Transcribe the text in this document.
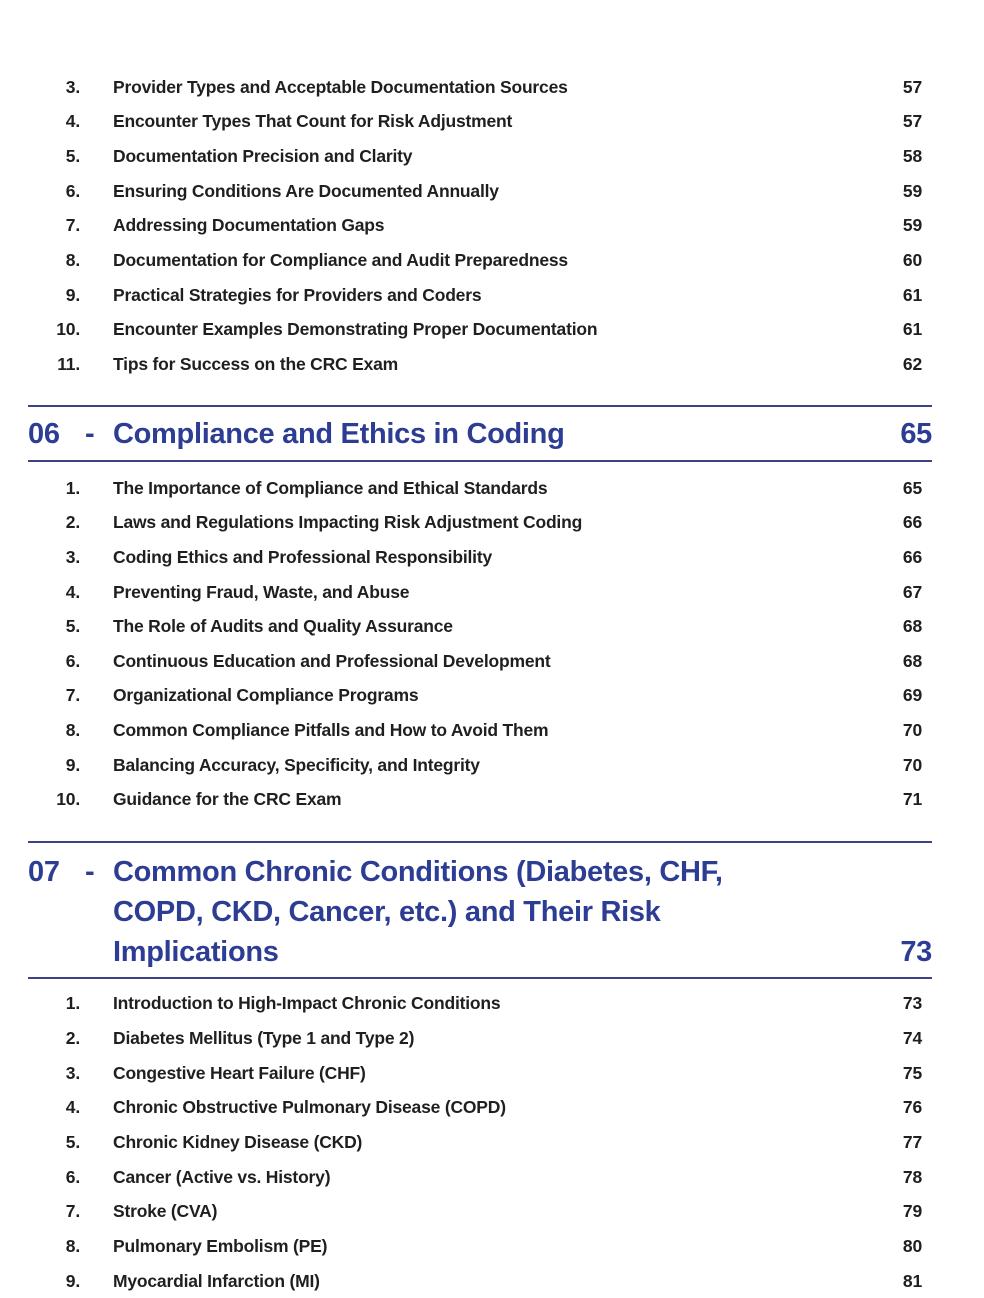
3. Provider Types and Acceptable Documentation Sources	57
4. Encounter Types That Count for Risk Adjustment	57
5. Documentation Precision and Clarity	58
6. Ensuring Conditions Are Documented Annually	59
7. Addressing Documentation Gaps	59
8. Documentation for Compliance and Audit Preparedness	60
9. Practical Strategies for Providers and Coders	61
10. Encounter Examples Demonstrating Proper Documentation	61
11. Tips for Success on the CRC Exam	62
06 - Compliance and Ethics in Coding	65
1. The Importance of Compliance and Ethical Standards	65
2. Laws and Regulations Impacting Risk Adjustment Coding	66
3. Coding Ethics and Professional Responsibility	66
4. Preventing Fraud, Waste, and Abuse	67
5. The Role of Audits and Quality Assurance	68
6. Continuous Education and Professional Development	68
7. Organizational Compliance Programs	69
8. Common Compliance Pitfalls and How to Avoid Them	70
9. Balancing Accuracy, Specificity, and Integrity	70
10. Guidance for the CRC Exam	71
07 - Common Chronic Conditions (Diabetes, CHF, COPD, CKD, Cancer, etc.) and Their Risk Implications	73
1. Introduction to High-Impact Chronic Conditions	73
2. Diabetes Mellitus (Type 1 and Type 2)	74
3. Congestive Heart Failure (CHF)	75
4. Chronic Obstructive Pulmonary Disease (COPD)	76
5. Chronic Kidney Disease (CKD)	77
6. Cancer (Active vs. History)	78
7. Stroke (CVA)	79
8. Pulmonary Embolism (PE)	80
9. Myocardial Infarction (MI)	81
